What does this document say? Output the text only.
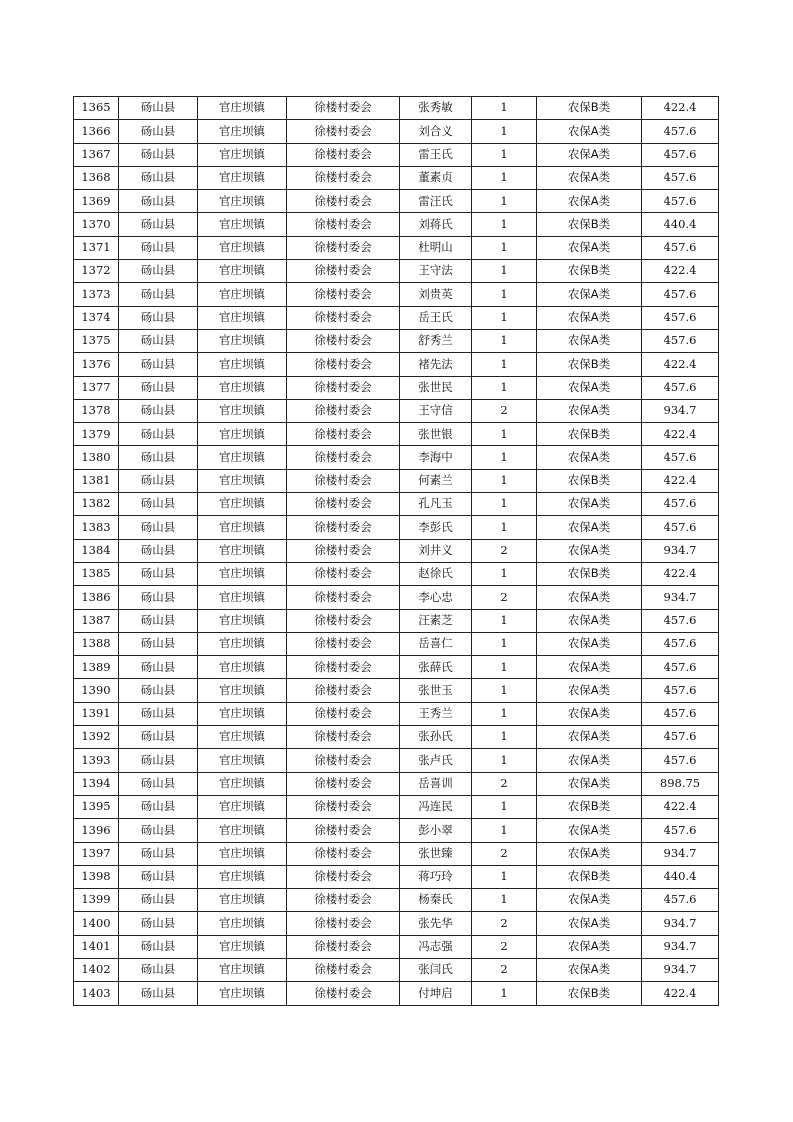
1365	砀山县	官庄坝镇	徐楼村委会	张秀敏	1	农保B类	422.4
1366	砀山县	官庄坝镇	徐楼村委会	刘合义	1	农保A类	457.6
1367	砀山县	官庄坝镇	徐楼村委会	雷王氏	1	农保A类	457.6
1368	砀山县	官庄坝镇	徐楼村委会	董素贞	1	农保A类	457.6
1369	砀山县	官庄坝镇	徐楼村委会	雷汪氏	1	农保A类	457.6
1370	砀山县	官庄坝镇	徐楼村委会	刘蒋氏	1	农保B类	440.4
1371	砀山县	官庄坝镇	徐楼村委会	杜明山	1	农保A类	457.6
1372	砀山县	官庄坝镇	徐楼村委会	王守法	1	农保B类	422.4
1373	砀山县	官庄坝镇	徐楼村委会	刘贵英	1	农保A类	457.6
1374	砀山县	官庄坝镇	徐楼村委会	岳王氏	1	农保A类	457.6
1375	砀山县	官庄坝镇	徐楼村委会	舒秀兰	1	农保A类	457.6
1376	砀山县	官庄坝镇	徐楼村委会	褚先法	1	农保B类	422.4
1377	砀山县	官庄坝镇	徐楼村委会	张世民	1	农保A类	457.6
1378	砀山县	官庄坝镇	徐楼村委会	王守信	2	农保A类	934.7
1379	砀山县	官庄坝镇	徐楼村委会	张世银	1	农保B类	422.4
1380	砀山县	官庄坝镇	徐楼村委会	李海中	1	农保A类	457.6
1381	砀山县	官庄坝镇	徐楼村委会	何素兰	1	农保B类	422.4
1382	砀山县	官庄坝镇	徐楼村委会	孔凡玉	1	农保A类	457.6
1383	砀山县	官庄坝镇	徐楼村委会	李彭氏	1	农保A类	457.6
1384	砀山县	官庄坝镇	徐楼村委会	刘井义	2	农保A类	934.7
1385	砀山县	官庄坝镇	徐楼村委会	赵徐氏	1	农保B类	422.4
1386	砀山县	官庄坝镇	徐楼村委会	李心忠	2	农保A类	934.7
1387	砀山县	官庄坝镇	徐楼村委会	汪素芝	1	农保A类	457.6
1388	砀山县	官庄坝镇	徐楼村委会	岳喜仁	1	农保A类	457.6
1389	砀山县	官庄坝镇	徐楼村委会	张薛氏	1	农保A类	457.6
1390	砀山县	官庄坝镇	徐楼村委会	张世玉	1	农保A类	457.6
1391	砀山县	官庄坝镇	徐楼村委会	王秀兰	1	农保A类	457.6
1392	砀山县	官庄坝镇	徐楼村委会	张孙氏	1	农保A类	457.6
1393	砀山县	官庄坝镇	徐楼村委会	张卢氏	1	农保A类	457.6
1394	砀山县	官庄坝镇	徐楼村委会	岳喜训	2	农保A类	898.75
1395	砀山县	官庄坝镇	徐楼村委会	冯连民	1	农保B类	422.4
1396	砀山县	官庄坝镇	徐楼村委会	彭小翠	1	农保A类	457.6
1397	砀山县	官庄坝镇	徐楼村委会	张世臻	2	农保A类	934.7
1398	砀山县	官庄坝镇	徐楼村委会	蒋巧玲	1	农保B类	440.4
1399	砀山县	官庄坝镇	徐楼村委会	杨秦氏	1	农保A类	457.6
1400	砀山县	官庄坝镇	徐楼村委会	张先华	2	农保A类	934.7
1401	砀山县	官庄坝镇	徐楼村委会	冯志强	2	农保A类	934.7
1402	砀山县	官庄坝镇	徐楼村委会	张闫氏	2	农保A类	934.7
1403	砀山县	官庄坝镇	徐楼村委会	付坤启	1	农保B类	422.4
